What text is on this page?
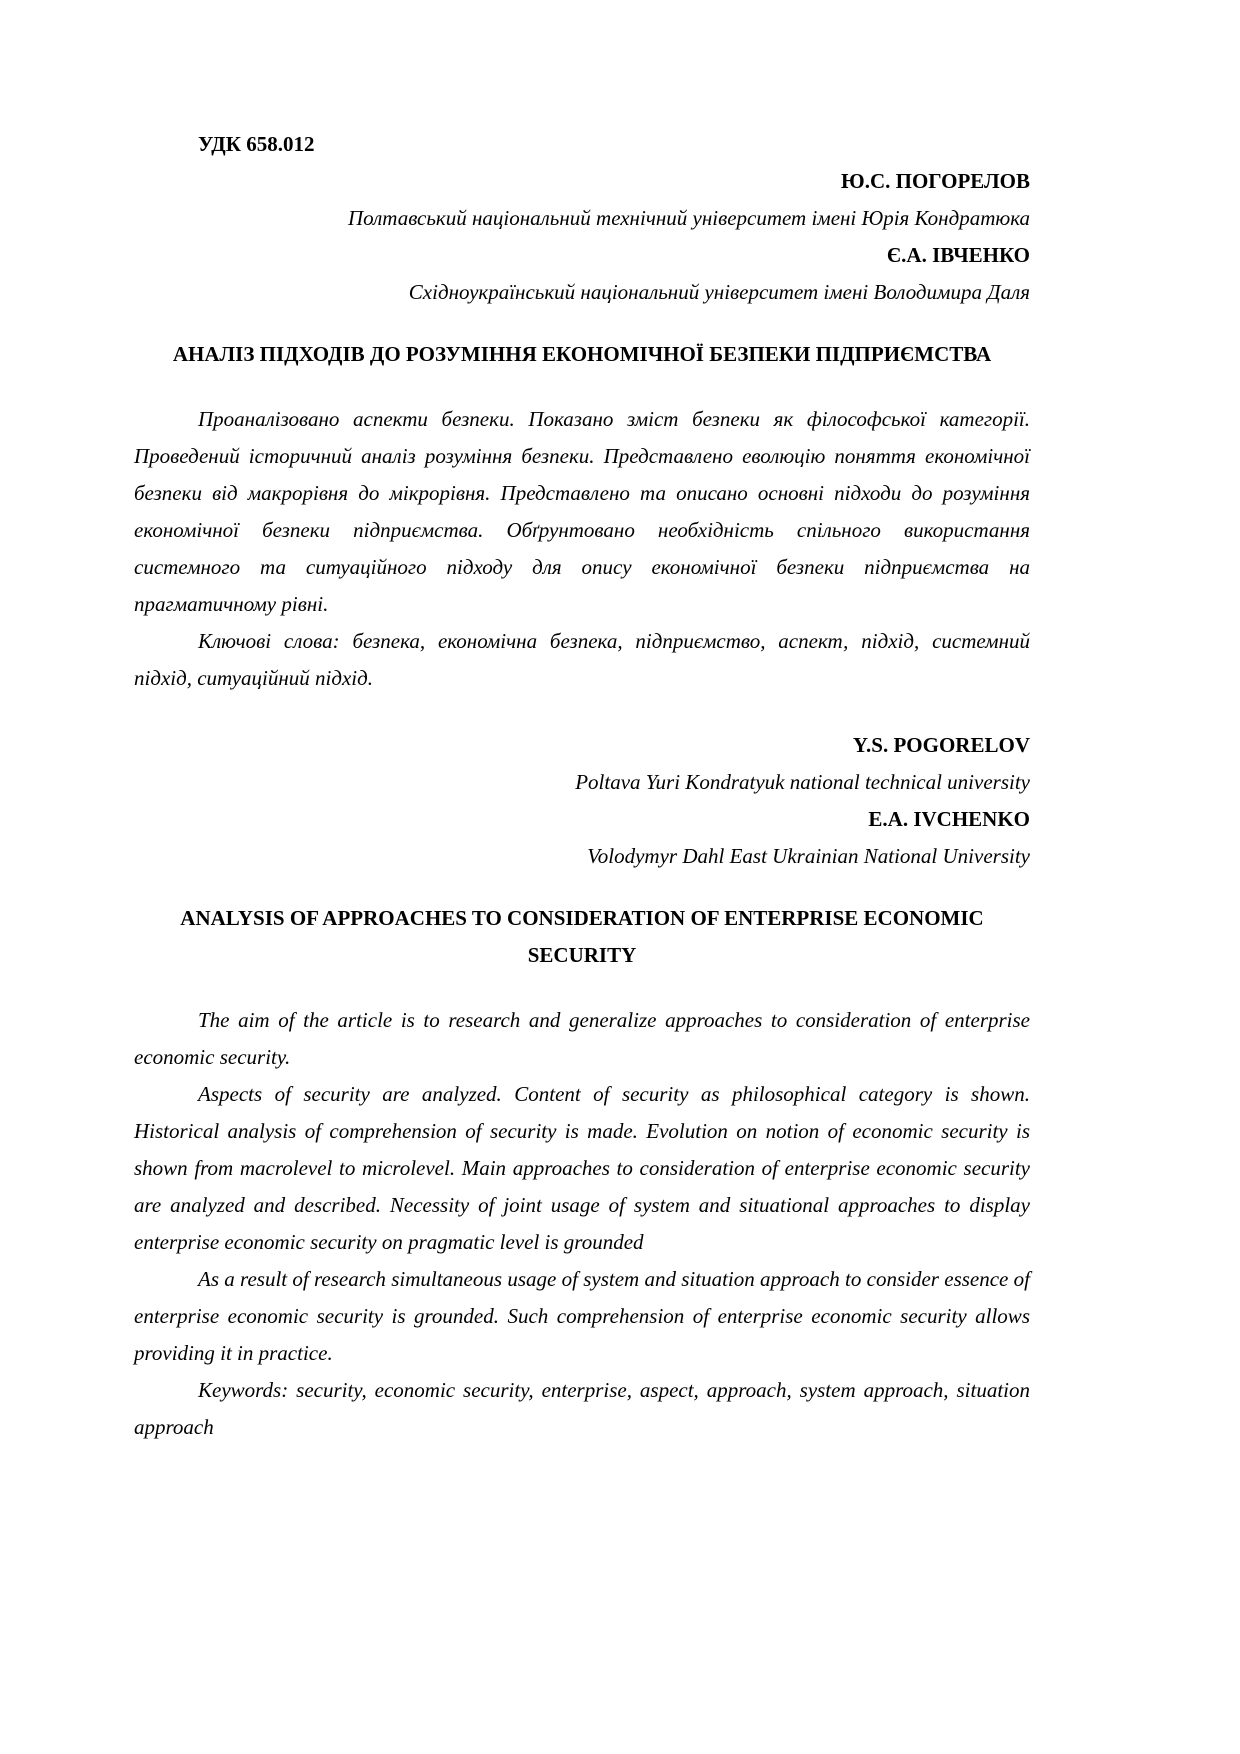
УДК 658.012

Ю.С. ПОГОРЕЛОВ

Полтавський національний технічний університет імені Юрія Кондратюка

Є.А. ІВЧЕНКО

Східноукраїнський національний університет імені Володимира Даля

АНАЛІЗ ПІДХОДІВ ДО РОЗУМІННЯ ЕКОНОМІЧНОЇ БЕЗПЕКИ ПІДПРИЄМСТВА

Проаналізовано аспекти безпеки. Показано зміст безпеки як філософської категорії. Проведений історичний аналіз розуміння безпеки. Представлено еволюцію поняття економічної безпеки від макрорівня до мікрорівня. Представлено та описано основні підходи до розуміння економічної безпеки підприємства. Обґрунтовано необхідність спільного використання системного та ситуаційного підходу для опису економічної безпеки підприємства на прагматичному рівні.

Ключові слова: безпека, економічна безпека, підприємство, аспект, підхід, системний підхід, ситуаційний підхід.

Y.S. POGORELOV

Poltava Yuri Kondratyuk national technical university

E.A. IVCHENKO

Volodymyr Dahl East Ukrainian National University

ANALYSIS OF APPROACHES TO CONSIDERATION OF ENTERPRISE ECONOMIC SECURITY

The aim of the article is to research and generalize approaches to consideration of enterprise economic security.

Aspects of security are analyzed. Content of security as philosophical category is shown. Historical analysis of comprehension of security is made. Evolution on notion of economic security is shown from macrolevel to microlevel. Main approaches to consideration of enterprise economic security are analyzed and described. Necessity of joint usage of system and situational approaches to display enterprise economic security on pragmatic level is grounded

As a result of research simultaneous usage of system and situation approach to consider essence of enterprise economic security is grounded. Such comprehension of enterprise economic security allows providing it in practice.

Keywords: security, economic security, enterprise, aspect, approach, system approach, situation approach
